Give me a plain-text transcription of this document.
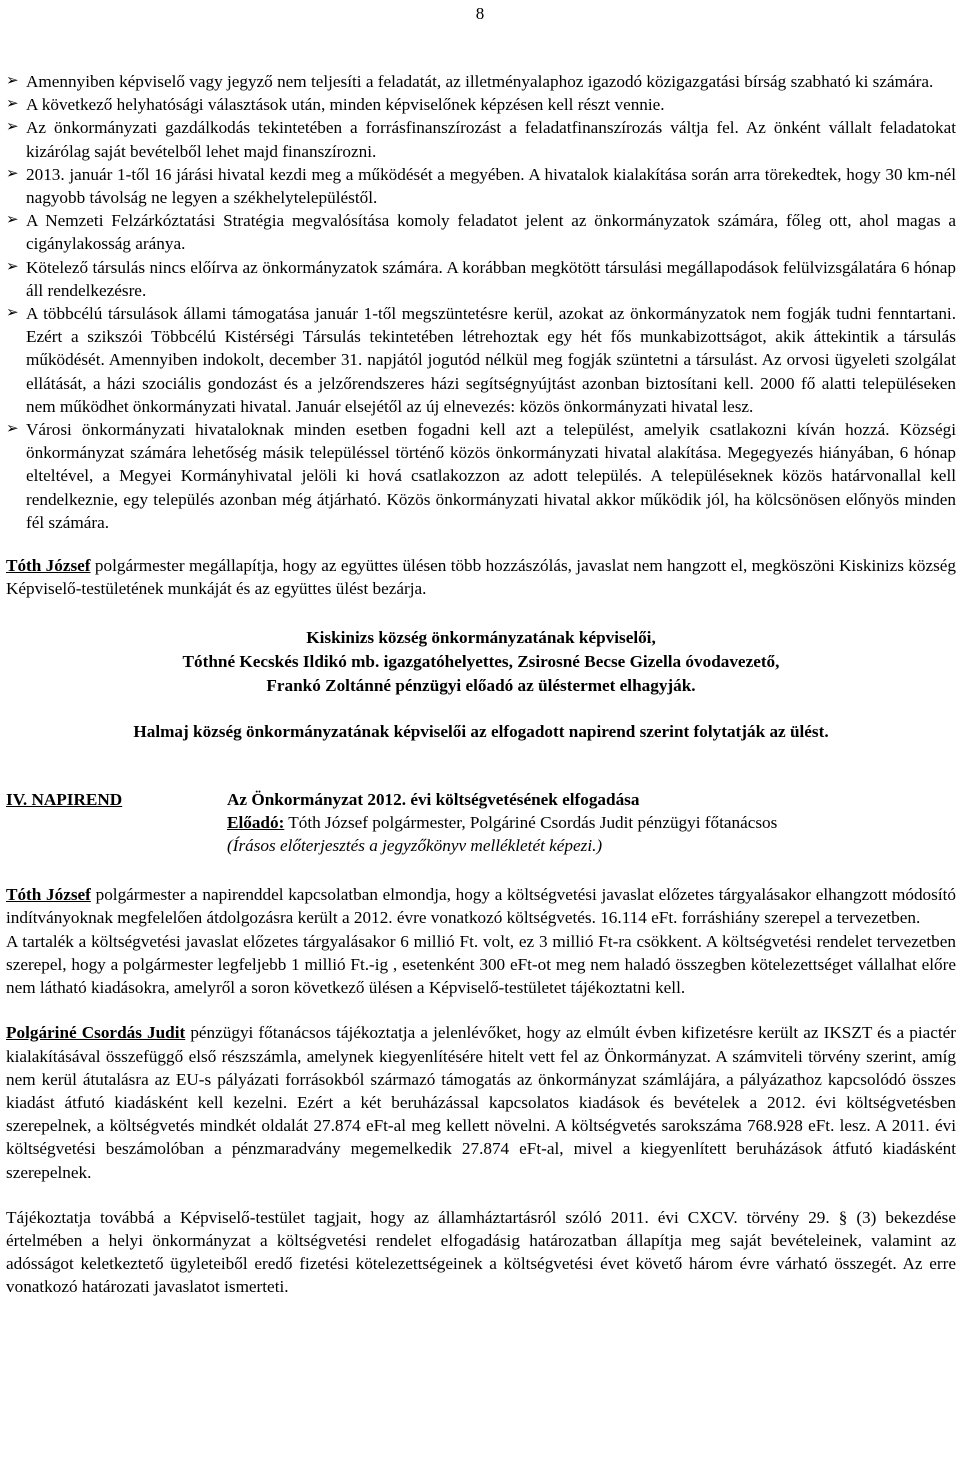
8
➢ Amennyiben képviselő vagy jegyző nem teljesíti a feladatát, az illetményalaphoz igazodó közigazgatási bírság szabható ki számára.
➢ A következő helyhatósági választások után, minden képviselőnek képzésen kell részt vennie.
➢ Az önkormányzati gazdálkodás tekintetében a forrásfinanszírozást a feladatfinanszírozás váltja fel. Az önként vállalt feladatokat kizárólag saját bevételből lehet majd finanszírozni.
➢ 2013. január 1-től 16 járási hivatal kezdi meg a működését a megyében. A hivatalok kialakítása során arra törekedtek, hogy 30 km-nél nagyobb távolság ne legyen a székhelytelepüléstől.
➢ A Nemzeti Felzárkóztatási Stratégia megvalósítása komoly feladatot jelent az önkormányzatok számára, főleg ott, ahol magas a cigánylakosság aránya.
➢ Kötelező társulás nincs előírva az önkormányzatok számára. A korábban megkötött társulási megállapodások felülvizsgálatára 6 hónap áll rendelkezésre.
➢ A többcélú társulások állami támogatása január 1-től megszüntetésre kerül, azokat az önkormányzatok nem fogják tudni fenntartani. Ezért a szikszói Többcélú Kistérségi Társulás tekintetében létrehoztak egy hét fős munkabizottságot, akik áttekintik a társulás működését. Amennyiben indokolt, december 31. napjától jogutód nélkül meg fogják szüntetni a társulást. Az orvosi ügyeleti szolgálat ellátását, a házi szociális gondozást és a jelzőrendszeres házi segítségnyújtást azonban biztosítani kell. 2000 fő alatti településeken nem működhet önkormányzati hivatal. Január elsejétől az új elnevezés: közös önkormányzati hivatal lesz.
➢ Városi önkormányzati hivataloknak minden esetben fogadni kell azt a települést, amelyik csatlakozni kíván hozzá. Községi önkormányzat számára lehetőség másik településsel történő közös önkormányzati hivatal alakítása. Megegyezés hiányában, 6 hónap elteltével, a Megyei Kormányhivatal jelöli ki hová csatlakozzon az adott település. A településeknek közös határvonallal kell rendelkeznie, egy település azonban még átjárható. Közös önkormányzati hivatal akkor működik jól, ha kölcsönösen előnyös minden fél számára.

Tóth József polgármester megállapítja, hogy az együttes ülésen több hozzászólás, javaslat nem hangzott el, megköszöni Kiskinizs község Képviselő-testületének munkáját és az együttes ülést bezárja.

Kiskinizs község önkormányzatának képviselői,
Tóthné Kecskés Ildikó mb. igazgatóhelyettes, Zsirosné Becse Gizella óvodavezető,
Frankó Zoltánné pénzügyi előadó az üléstermet elhagyják.

Halmaj község önkormányzatának képviselői az elfogadott napirend szerint folytatják az ülést.

IV. NAPIREND	Az Önkormányzat 2012. évi költségvetésének elfogadása
Előadó: Tóth József polgármester, Polgáriné Csordás Judit pénzügyi főtanácsos
(Írásos előterjesztés a jegyzőkönyv mellékletét képezi.)

Tóth József polgármester a napirenddel kapcsolatban elmondja, hogy a költségvetési javaslat előzetes tárgyalásakor elhangzott módosító indítványoknak megfelelően átdolgozásra került a 2012. évre vonatkozó költségvetés. 16.114 eFt. forráshiány szerepel a tervezetben.

A tartalék a költségvetési javaslat előzetes tárgyalásakor 6 millió Ft. volt, ez 3 millió Ft-ra csökkent. A költségvetési rendelet tervezetben szerepel, hogy a polgármester legfeljebb 1 millió Ft.-ig , esetenként 300 eFt-ot meg nem haladó összegben kötelezettséget vállalhat előre nem látható kiadásokra, amelyről a soron következő ülésen a Képviselő-testületet tájékoztatni kell.

Polgáriné Csordás Judit pénzügyi főtanácsos tájékoztatja a jelenlévőket, hogy az elmúlt évben kifizetésre került az IKSZT és a piactér kialakításával összefüggő első részszámla, amelynek kiegyenlítésére hitelt vett fel az Önkormányzat. A számviteli törvény szerint, amíg nem kerül átutalásra az EU-s pályázati forrásokból származó támogatás az önkormányzat számlájára, a pályázathoz kapcsolódó összes kiadást átfutó kiadásként kell kezelni. Ezért a két beruházással kapcsolatos kiadások és bevételek a 2012. évi költségvetésben szerepelnek, a költségvetés mindkét oldalát 27.874 eFt-al meg kellett növelni. A költségvetés sarokszáma 768.928 eFt. lesz. A 2011. évi költségvetési beszámolóban a pénzmaradvány megemelkedik 27.874 eFt-al, mivel a kiegyenlített beruházások átfutó kiadásként szerepelnek.

Tájékoztatja továbbá a Képviselő-testület tagjait, hogy az államháztartásról szóló 2011. évi CXCV. törvény 29. § (3) bekezdése értelmében a helyi önkormányzat a költségvetési rendelet elfogadásig határozatban állapítja meg saját bevételeinek, valamint az adósságot keletkeztető ügyleteiből eredő fizetési kötelezettségeinek a költségvetési évet követő három évre várható összegét. Az erre vonatkozó határozati javaslatot ismerteti.
